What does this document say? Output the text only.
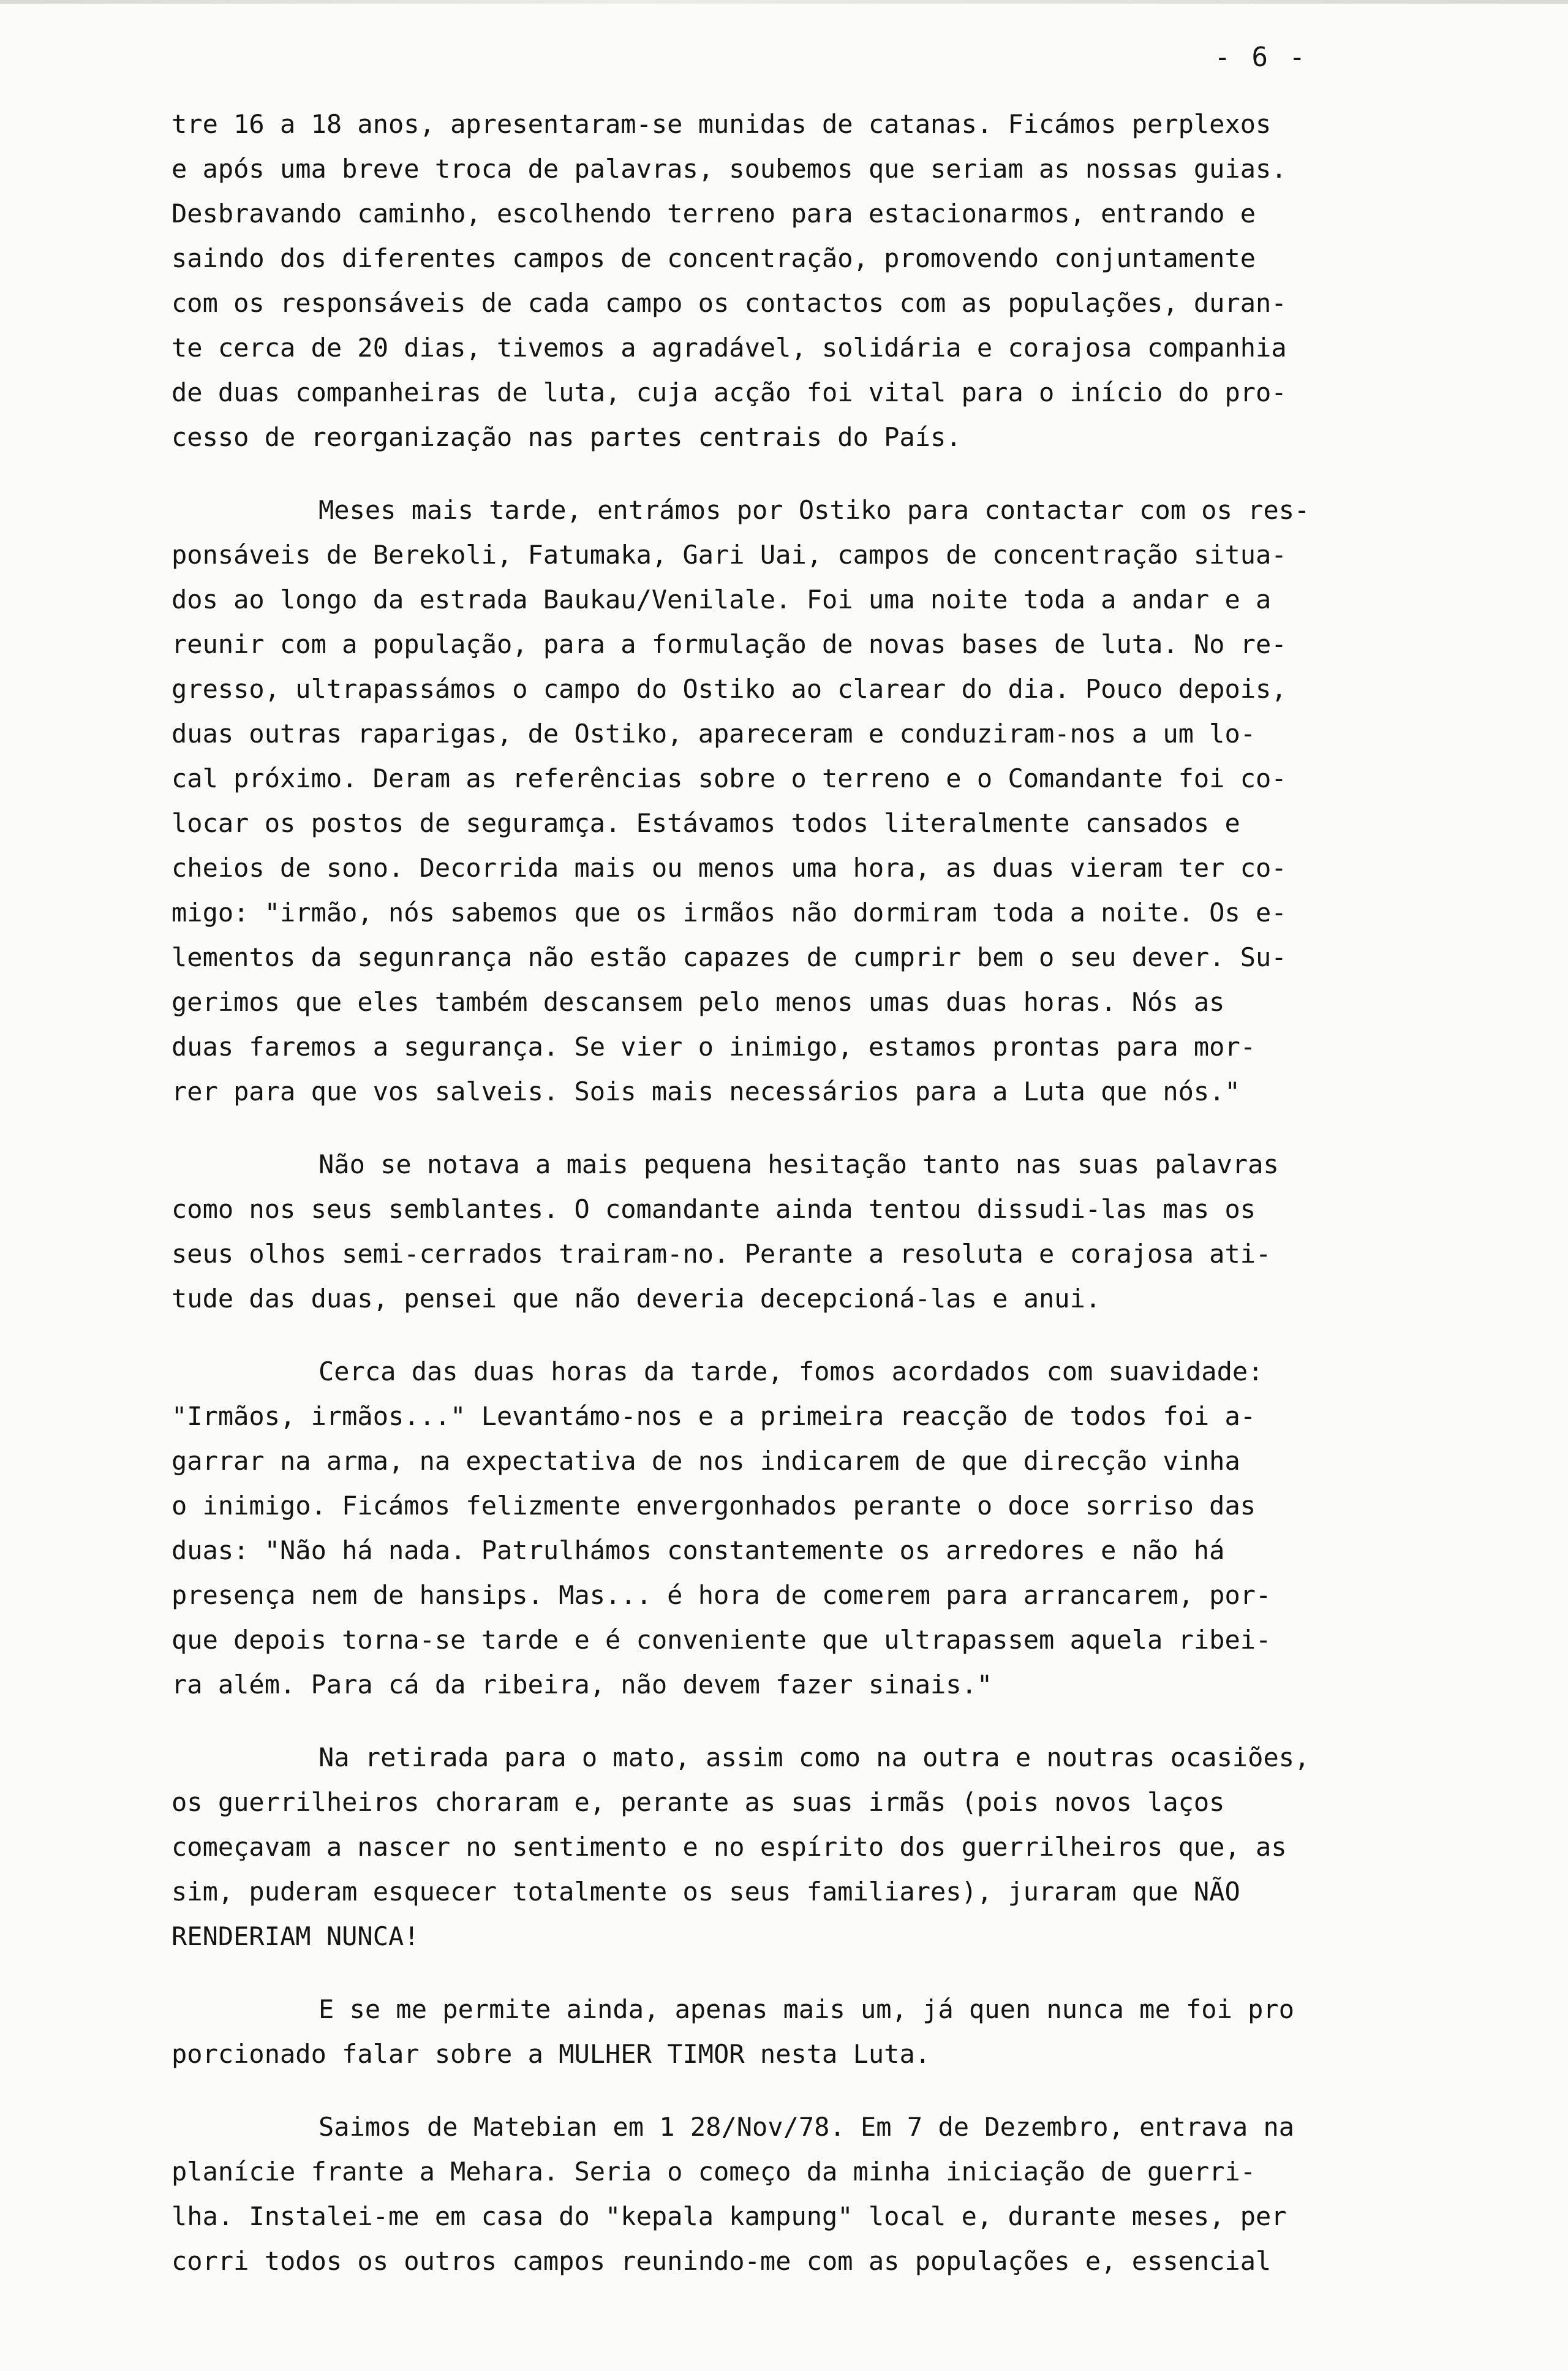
- 6 -
tre 16 a 18 anos, apresentaram-se munidas de catanas. Ficámos perplexos
e após uma breve troca de palavras, soubemos que seriam as nossas guias.
Desbravando caminho, escolhendo terreno para estacionarmos, entrando e
saindo dos diferentes campos de concentração, promovendo conjuntamente
com os responsáveis de cada campo os contactos com as populações, duran-
te cerca de 20 dias, tivemos a agradável, solidária e corajosa companhia
de duas companheiras de luta, cuja acção foi vital para o início do pro-
cesso de reorganização nas partes centrais do País.
Meses mais tarde, entrámos por Ostiko para contactar com os res-
ponsáveis de Berekoli, Fatumaka, Gari Uai, campos de concentração situa-
dos ao longo da estrada Baukau/Venilale. Foi uma noite toda a andar e a
reunir com a população, para a formulação de novas bases de luta. No re-
gresso, ultrapassámos o campo do Ostiko ao clarear do dia. Pouco depois,
duas outras raparigas, de Ostiko, apareceram e conduziram-nos a um lo-
cal próximo. Deram as referências sobre o terreno e o Comandante foi co-
locar os postos de seguramça. Estávamos todos literalmente cansados e
cheios de sono. Decorrida mais ou menos uma hora, as duas vieram ter co-
migo: "irmão, nós sabemos que os irmãos não dormiram toda a noite. Os e-
lementos da segunrança não estão capazes de cumprir bem o seu dever. Su-
gerimos que eles também descansem pelo menos umas duas horas. Nós as
duas faremos a segurança. Se vier o inimigo, estamos prontas para mor-
rer para que vos salveis. Sois mais necessários para a Luta que nós."
Não se notava a mais pequena hesitação tanto nas suas palavras
como nos seus semblantes. O comandante ainda tentou dissudi-las mas os
seus olhos semi-cerrados trairam-no. Perante a resoluta e corajosa ati-
tude das duas, pensei que não deveria decepcioná-las e anui.
Cerca das duas horas da tarde, fomos acordados com suavidade:
"Irmãos, irmãos..." Levantámo-nos e a primeira reacção de todos foi a-
garrar na arma, na expectativa de nos indicarem de que direcção vinha
o inimigo. Ficámos felizmente envergonhados perante o doce sorriso das
duas: "Não há nada. Patrulhámos constantemente os arredores e não há
presença nem de hansips. Mas... é hora de comerem para arrancarem, por-
que depois torna-se tarde e é conveniente que ultrapassem aquela ribei-
ra além. Para cá da ribeira, não devem fazer sinais."
Na retirada para o mato, assim como na outra e noutras ocasiões,
os guerrilheiros choraram e, perante as suas irmãs (pois novos laços
começavam a nascer no sentimento e no espírito dos guerrilheiros que, as
sim, puderam esquecer totalmente os seus familiares), juraram que NÃO
RENDERIAM NUNCA!
E se me permite ainda, apenas mais um, já quen nunca me foi pro
porcionado falar sobre a MULHER TIMOR nesta Luta.
Saimos de Matebian em 1 28/Nov/78. Em 7 de Dezembro, entrava na
planície frante a Mehara. Seria o começo da minha iniciação de guerri-
lha. Instalei-me em casa do "kepala kampung" local e, durante meses, per
corri todos os outros campos reunindo-me com as populações e, essencial
